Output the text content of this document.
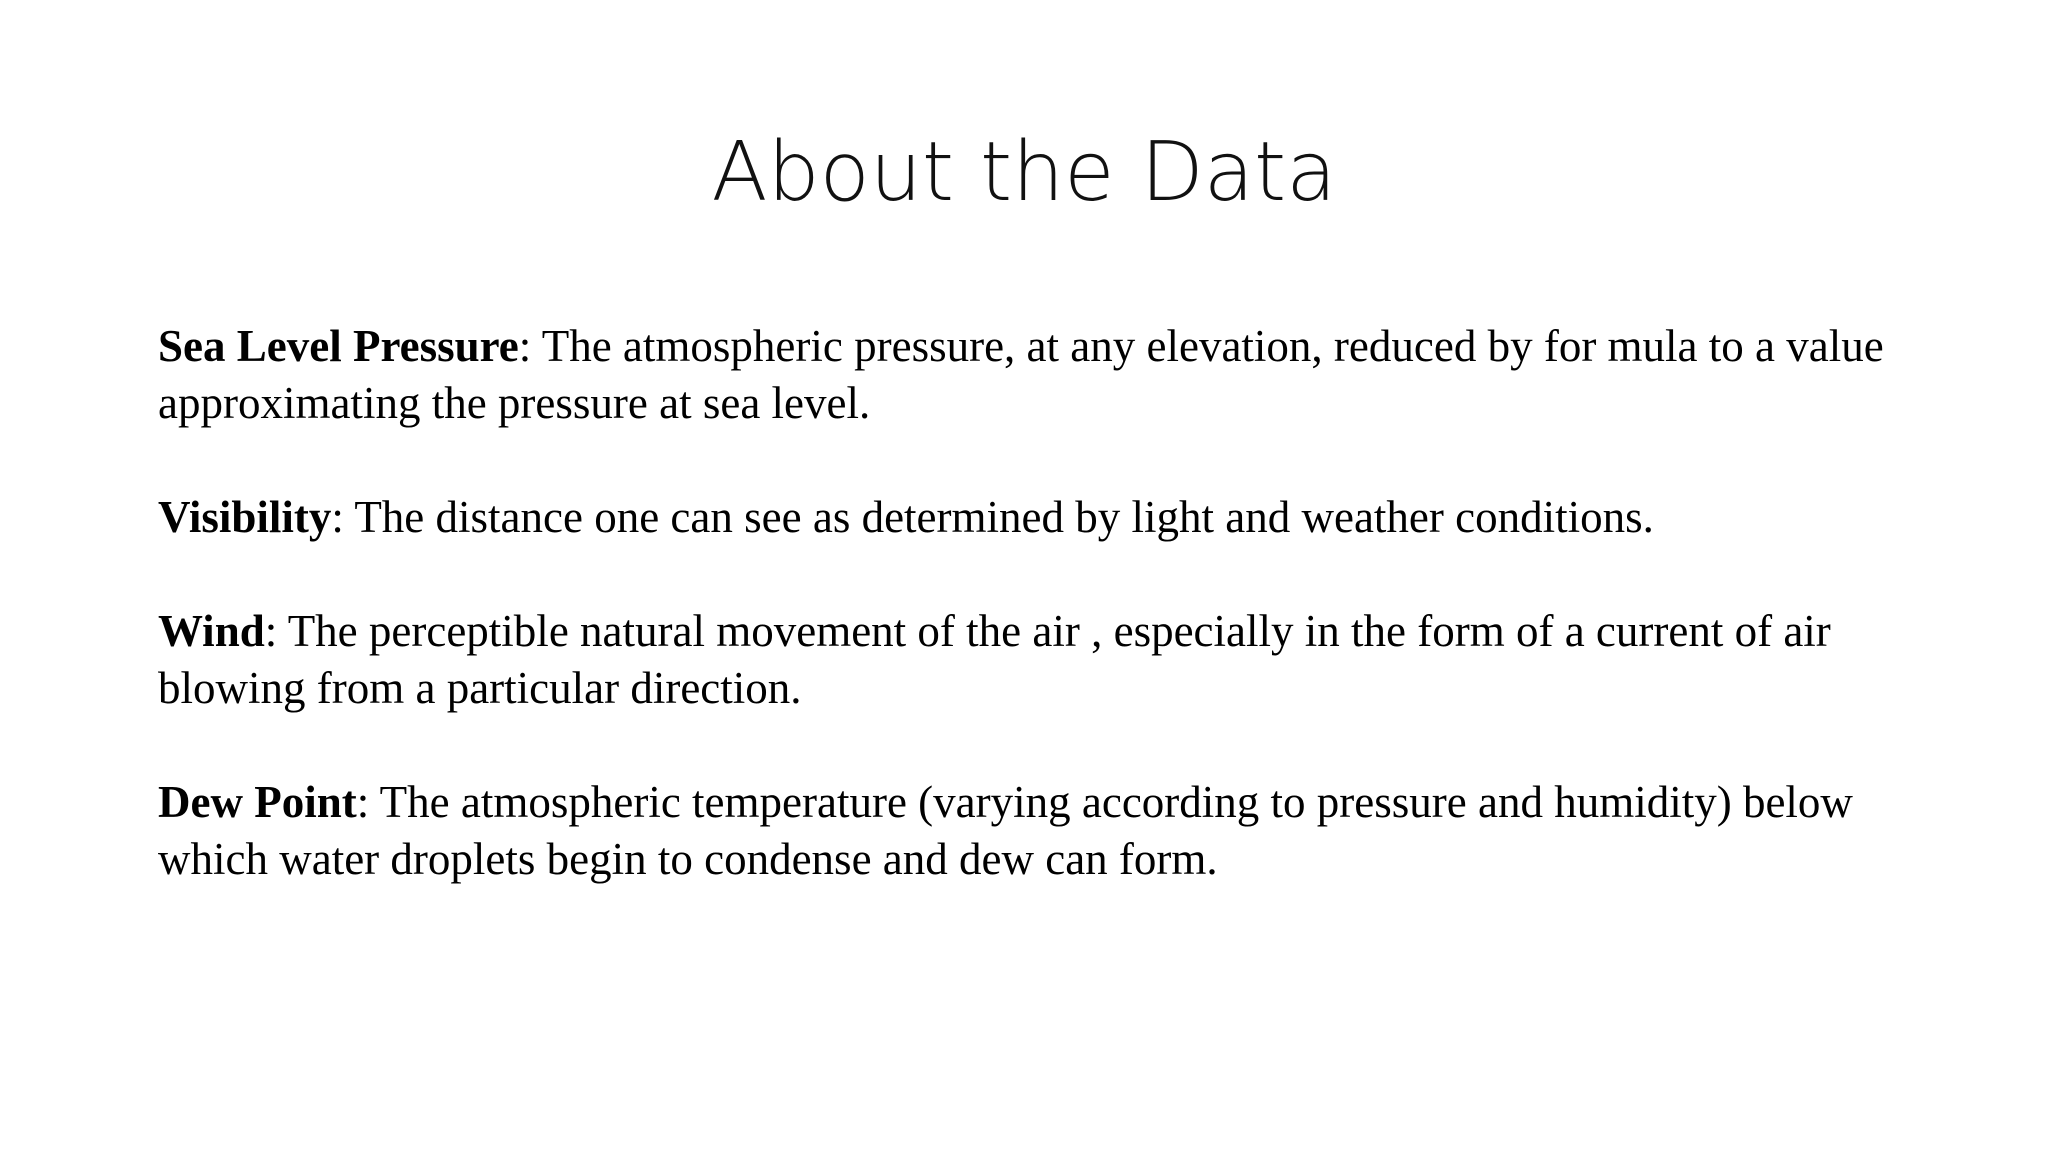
About the Data

Sea Level Pressure: The atmospheric pressure, at any elevation, reduced by for mula to a value approximating the pressure at sea level.

Visibility: The distance one can see as determined by light and weather conditions.

Wind: The perceptible natural movement of the air , especially in the form of a current of air blowing from a particular direction.

Dew Point: The atmospheric temperature (varying according to pressure and humidity) below which water droplets begin to condense and dew can form.
